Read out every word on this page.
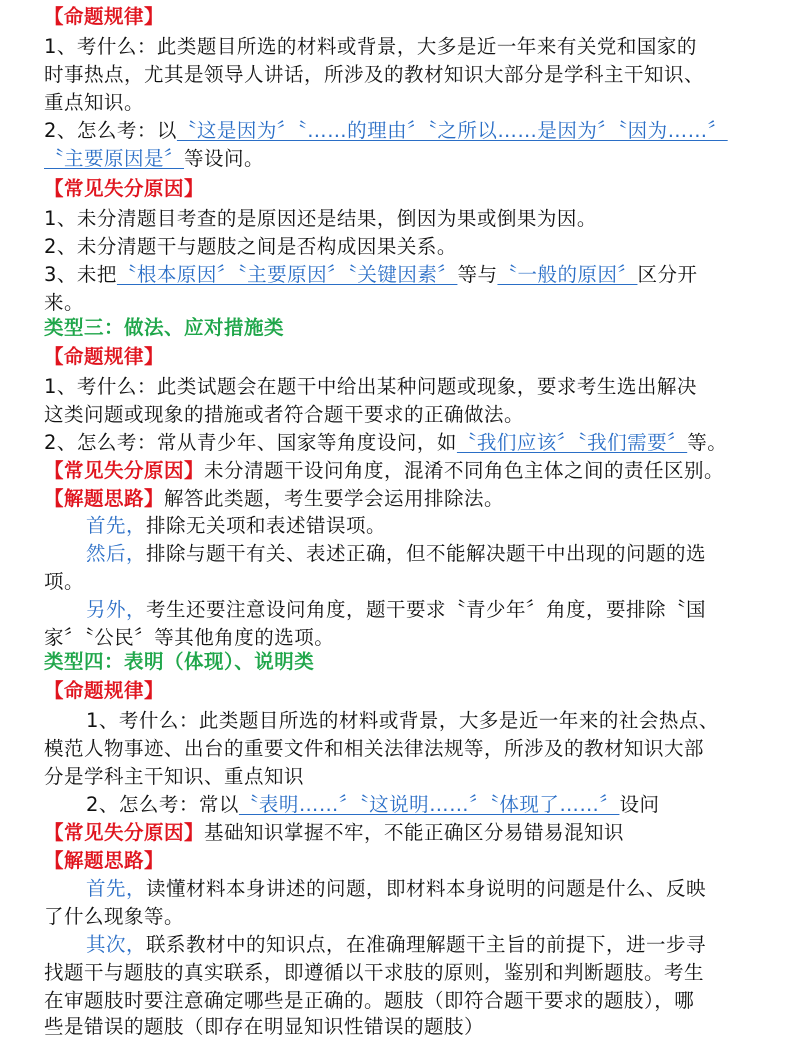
【命题规律】
1、考什么：此类题目所选的材料或背景，大多是近一年来有关党和国家的
时事热点，尤其是领导人讲话，所涉及的教材知识大部分是学科主干知识、
重点知识。
2、怎么考：以〝这是因为〞〝……的理由〞〝之所以……是因为〞〝因为……〞
〝主要原因是〞等设问。
【常见失分原因】
1、未分清题目考查的是原因还是结果，倒因为果或倒果为因。
2、未分清题干与题肢之间是否构成因果关系。
3、未把〝根本原因〞〝主要原因〞〝关键因素〞等与〝一般的原因〞区分开
来。
类型三：做法、应对措施类
【命题规律】
1、考什么：此类试题会在题干中给出某种问题或现象，要求考生选出解决
这类问题或现象的措施或者符合题干要求的正确做法。
2、怎么考：常从青少年、国家等角度设问，如〝我们应该〞〝我们需要〞等。
【常见失分原因】未分清题干设问角度，混淆不同角色主体之间的责任区别。
【解题思路】解答此类题，考生要学会运用排除法。
首先，排除无关项和表述错误项。
然后，排除与题干有关、表述正确，但不能解决题干中出现的问题的选
项。
另外，考生还要注意设问角度，题干要求〝青少年〞角度，要排除〝国
家〞〝公民〞等其他角度的选项。
类型四：表明（体现）、说明类
【命题规律】
1、考什么：此类题目所选的材料或背景，大多是近一年来的社会热点、
模范人物事迹、出台的重要文件和相关法律法规等，所涉及的教材知识大部
分是学科主干知识、重点知识
2、怎么考：常以〝表明……〞〝这说明……〞〝体现了……〞设问
【常见失分原因】基础知识掌握不牢，不能正确区分易错易混知识
【解题思路】
首先，读懂材料本身讲述的问题，即材料本身说明的问题是什么、反映
了什么现象等。
其次，联系教材中的知识点，在准确理解题干主旨的前提下，进一步寻
找题干与题肢的真实联系，即遵循以干求肢的原则，鉴别和判断题肢。考生
在审题肢时要注意确定哪些是正确的。题肢（即符合题干要求的题肢），哪
些是错误的题肢（即存在明显知识性错误的题肢）
